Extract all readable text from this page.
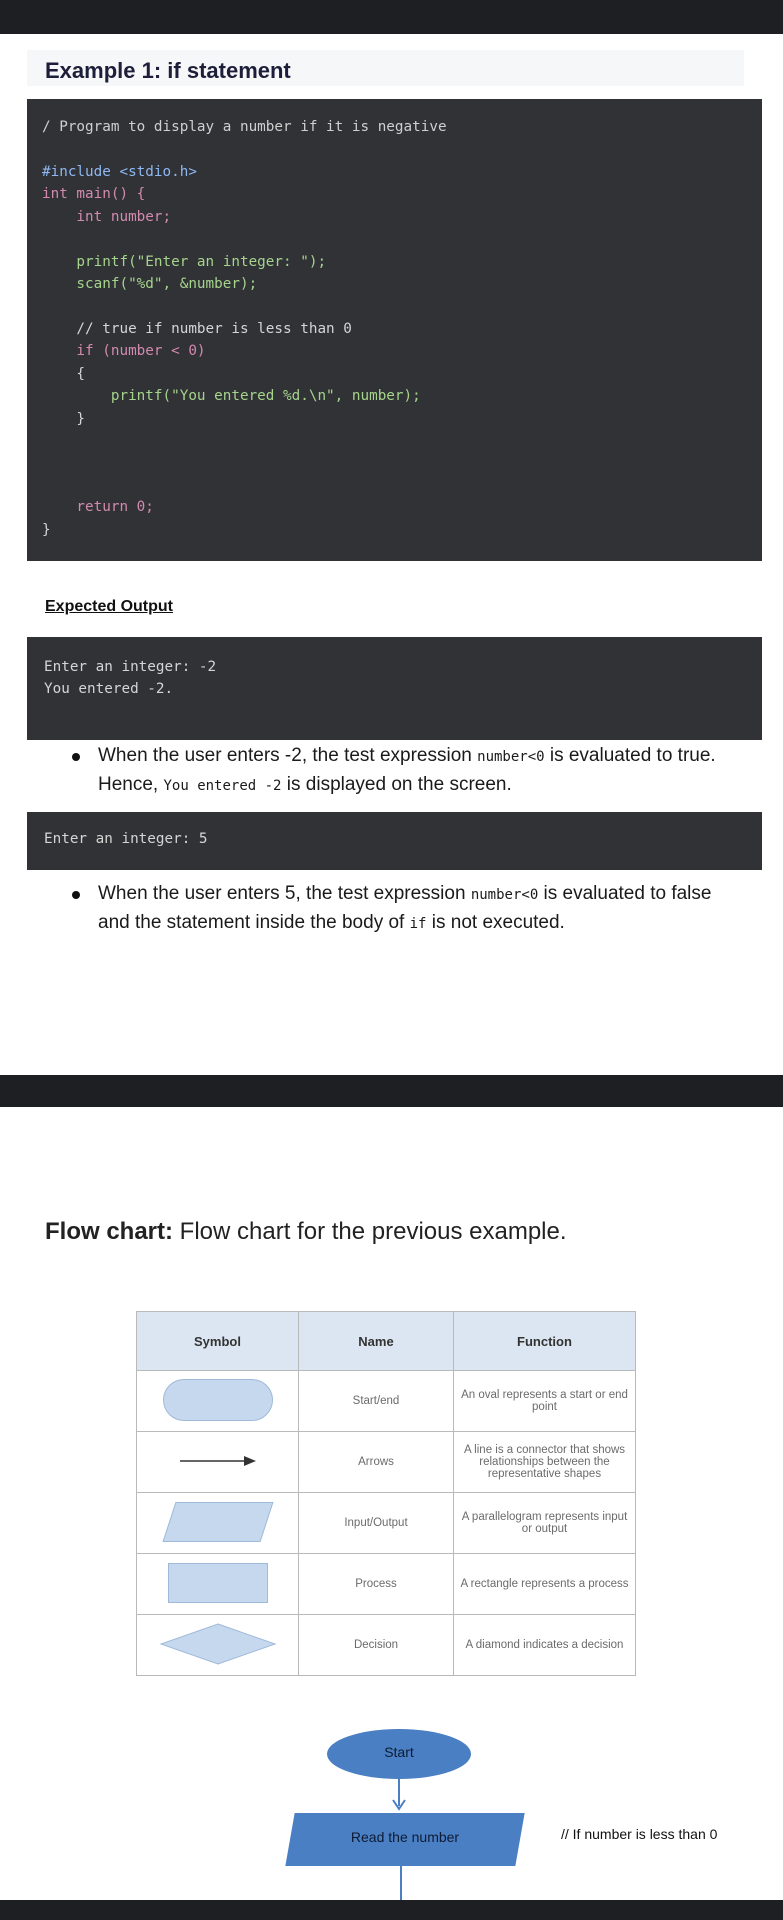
Example 1: if statement

/ Program to display a number if it is negative

#include <stdio.h>

int main() {

int number;

printf("Enter an integer: ");

scanf("%d", &number);

// true if number is less than 0

if (number < 0)

{

printf("You entered %d.\n", number);

}

return 0;

}

Expected Output

Enter an integer: -2

You entered -2.

When the user enters -2, the test expression number<0 is evaluated to true. Hence, You entered -2 is displayed on the screen.

Enter an integer: 5

When the user enters 5, the test expression number<0 is evaluated to false and the statement inside the body of if is not executed.
Flow chart: Flow chart for the previous example.
Symbol	Name	Function
	Start/end	An oval represents a start or end point
	Arrows	A line is a connector that shows relationships between the representative shapes
	Input/Output	A parallelogram represents input or output
	Process	A rectangle represents a process
	Decision	A diamond indicates a decision
Start
Read the number	// If number is less than 0
